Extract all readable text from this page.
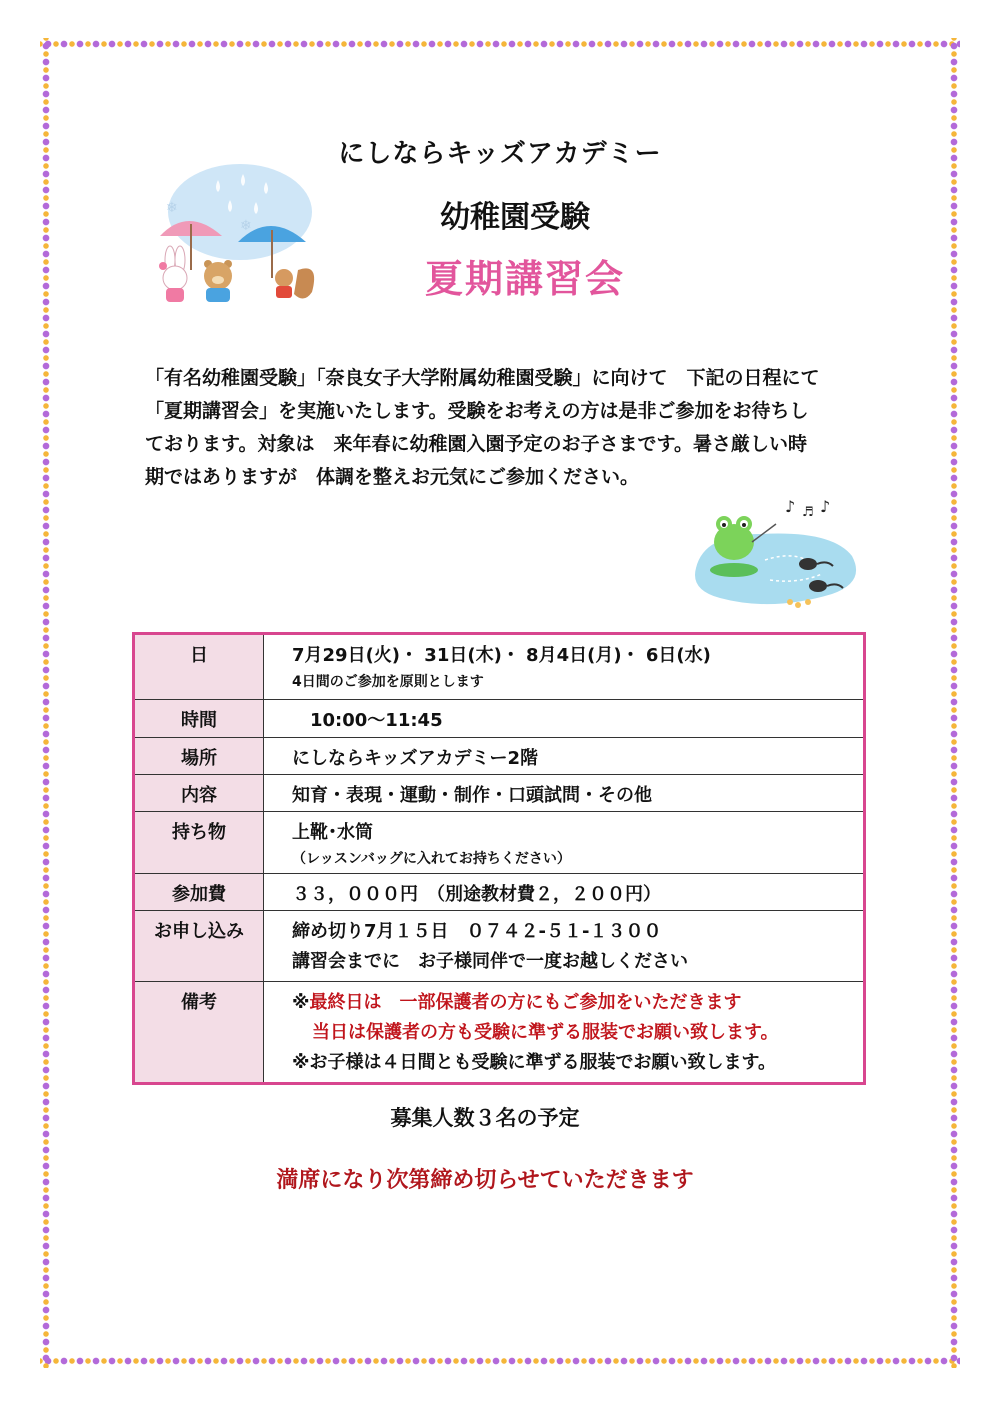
❄
❄
にしならキッズアカデミー
幼稚園受験
夏期講習会

「有名幼稚園受験」「奈良女子大学附属幼稚園受験」に向けて　下記の日程にて

「夏期講習会」を実施いたします。受験をお考えの方は是非ご参加をお待ちし

ております。対象は　来年春に幼稚園入園予定のお子さまです。暑さ厳しい時

期ではありますが　体調を整えお元気にご参加ください。

♪ ♬ ♪
日	7月29日(火)・ 31日(木)・ 8月4日(月)・ 6日(水)
4日間のご参加を原則とします

時間	　10:00～11:45
場所	にしならキッズアカデミー2階
内容	知育・表現・運動・制作・口頭試問・その他
持ち物	上靴･水筒
（レッスンバッグに入れてお持ちください）

参加費	３３，０００円　（別途教材費２，２００円）
お申し込み	締め切り7月１５日　０７４２-５１-１３００
講習会までに　お子様同伴で一度お越しください

備考	※最終日は　一部保護者の方にもご参加をいただきます
当日は保護者の方も受験に準ずる服装でお願い致します。
※お子様は４日間とも受験に準ずる服装でお願い致します。
募集人数３名の予定
満席になり次第締め切らせていただきます
